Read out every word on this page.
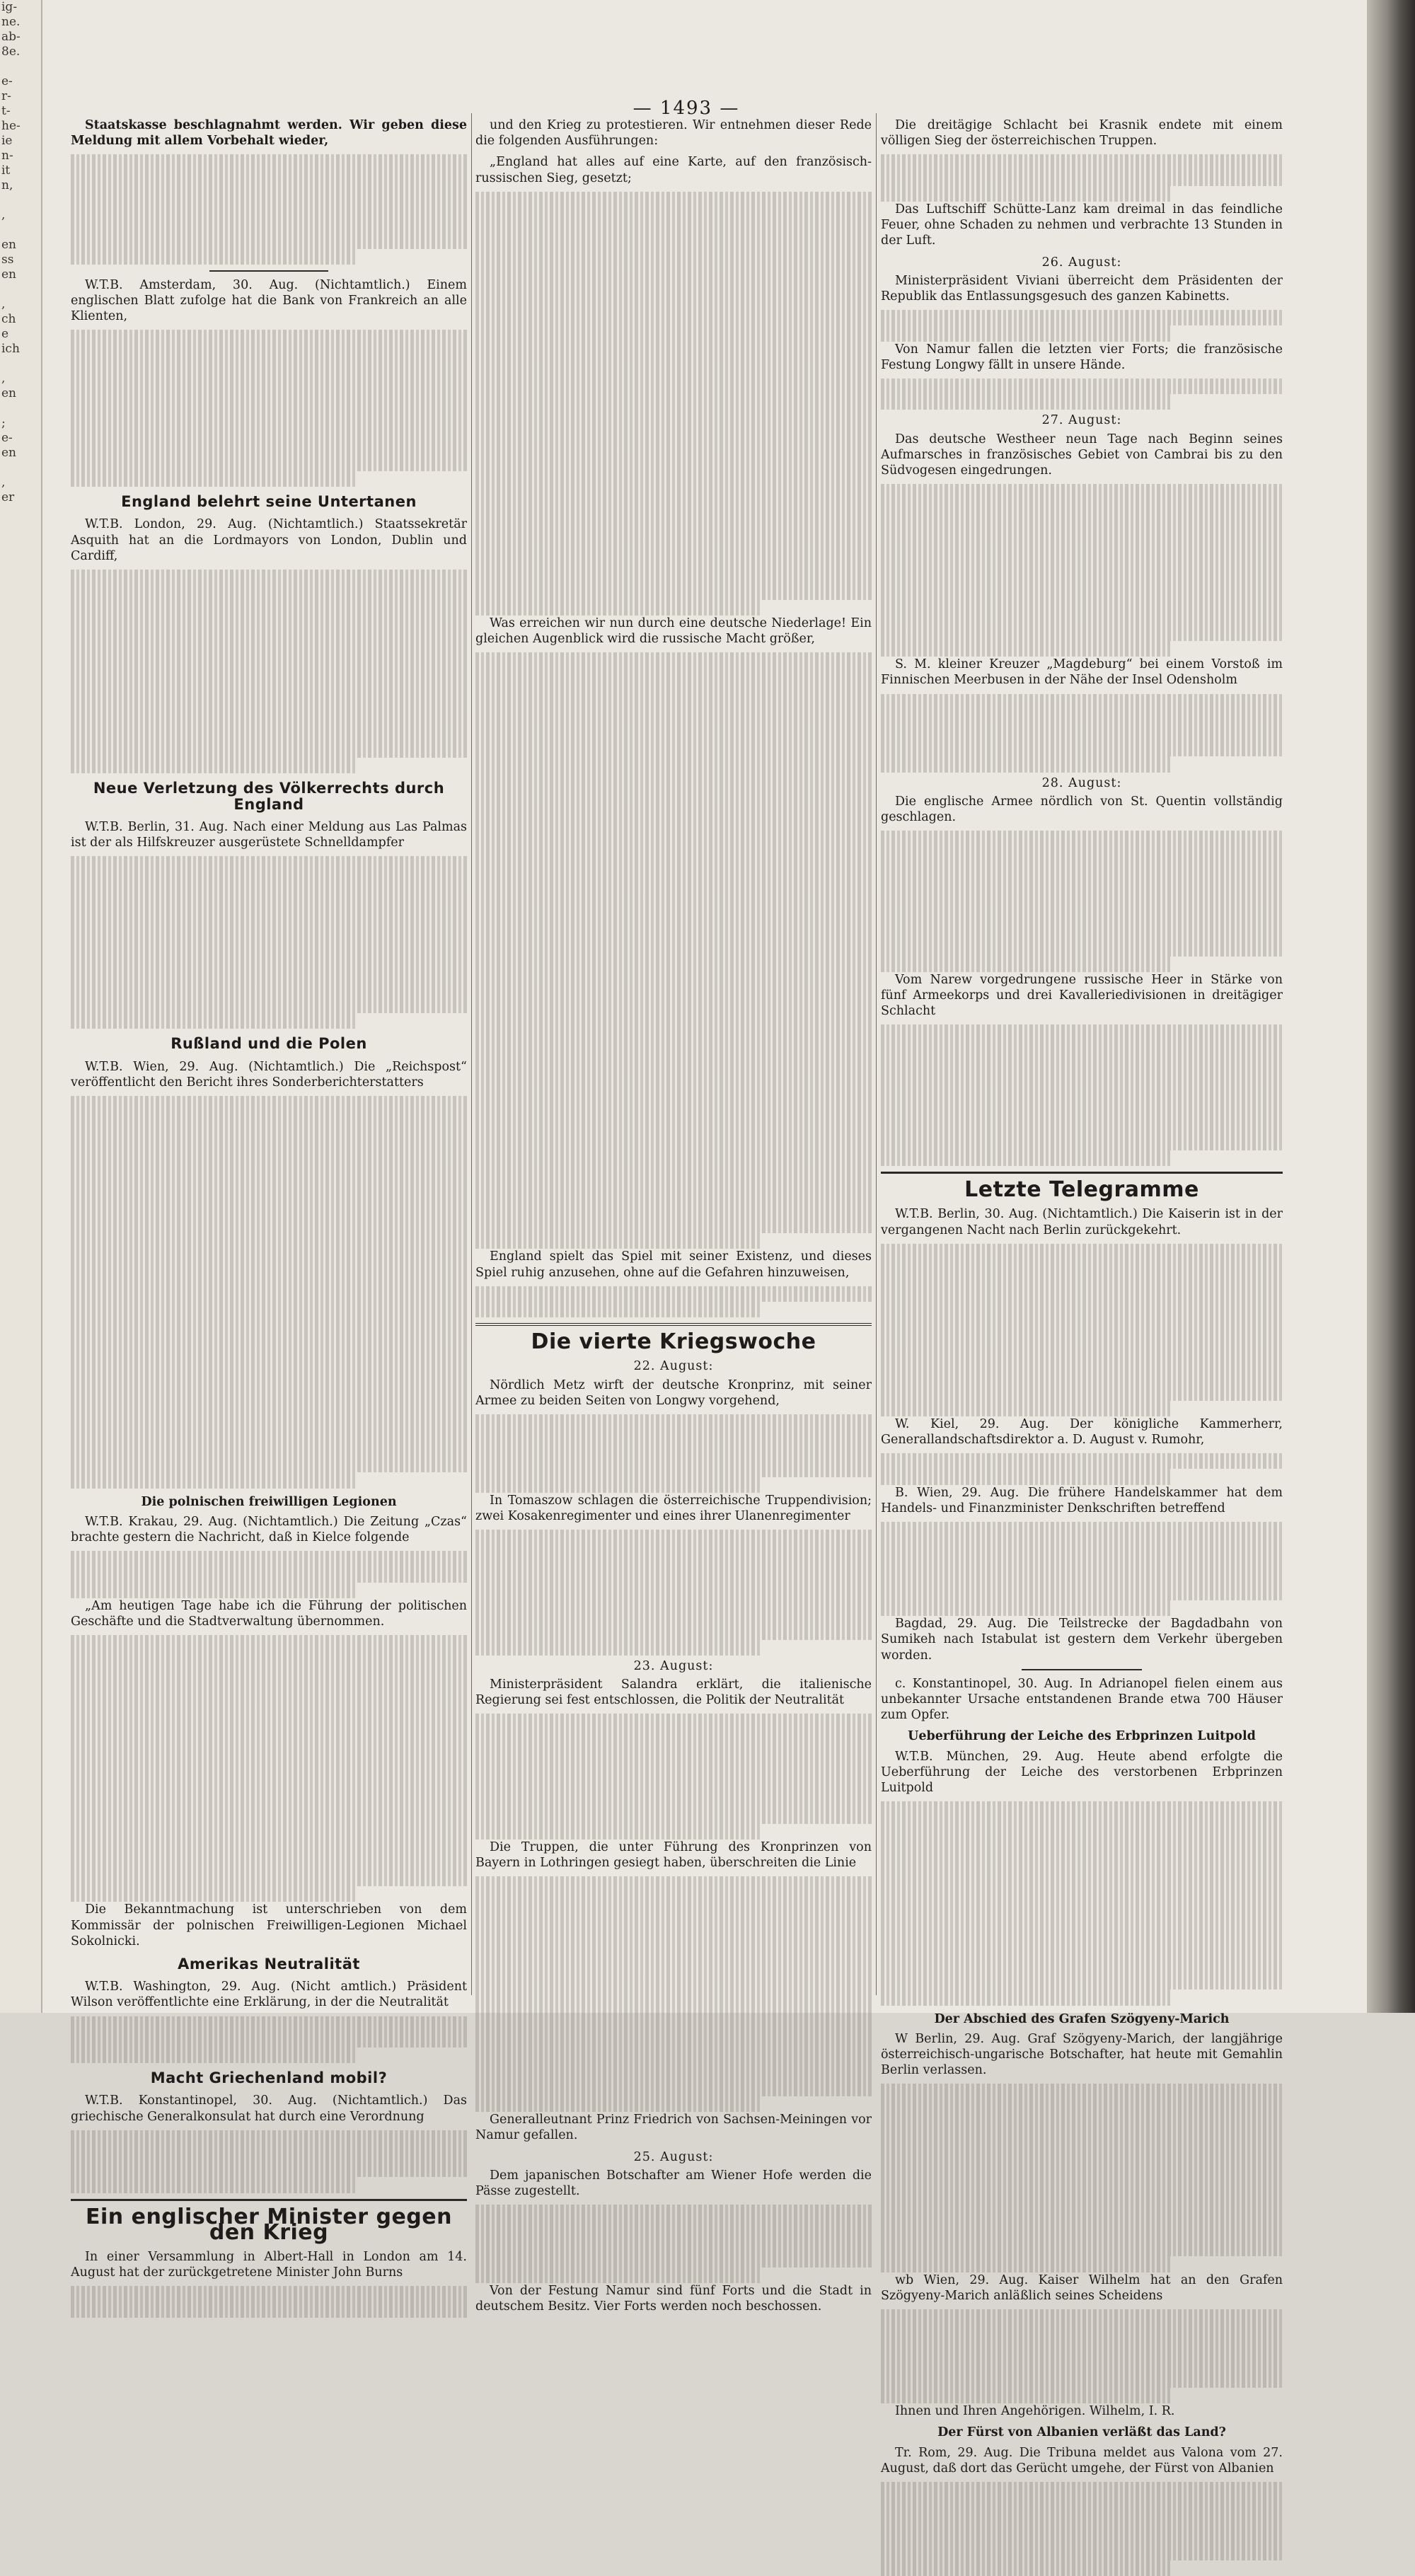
ig-
ne.
ab-
8e.

e-
r-
t-
he-
ie
n-
it
n,

,

en
ss
en

,
ch
e
ich

,
en

;
e-
en

,
er

— 1493 —

Staatskasse beschlagnahmt werden. Wir geben diese Meldung mit allem Vorbehalt wieder,

W.T.B. Amsterdam, 30. Aug. (Nichtamtlich.) Einem englischen Blatt zufolge hat die Bank von Frankreich an alle Klienten,

England belehrt seine Untertanen

W.T.B. London, 29. Aug. (Nichtamtlich.) Staatssekretär Asquith hat an die Lordmayors von London, Dublin und Cardiff,

Neue Verletzung des Völkerrechts durch England

W.T.B. Berlin, 31. Aug. Nach einer Meldung aus Las Palmas ist der als Hilfskreuzer ausgerüstete Schnelldampfer

Rußland und die Polen

W.T.B. Wien, 29. Aug. (Nichtamtlich.) Die „Reichspost“ veröffentlicht den Bericht ihres Sonderberichterstatters

Die polnischen freiwilligen Legionen

W.T.B. Krakau, 29. Aug. (Nichtamtlich.) Die Zeitung „Czas“ brachte gestern die Nachricht, daß in Kielce folgende

„Am heutigen Tage habe ich die Führung der politischen Geschäfte und die Stadtverwaltung übernommen.

Die Bekanntmachung ist unterschrieben von dem Kommissär der polnischen Freiwilligen-Legionen Michael Sokolnicki.

Amerikas Neutralität

W.T.B. Washington, 29. Aug. (Nicht amtlich.) Präsident Wilson veröffentlichte eine Erklärung, in der die Neutralität

Macht Griechenland mobil?

W.T.B. Konstantinopel, 30. Aug. (Nichtamtlich.) Das griechische Generalkonsulat hat durch eine Verordnung

Ein englischer Minister gegen den Krieg

In einer Versammlung in Albert-Hall in London am 14. August hat der zurückgetretene Minister John Burns

und den Krieg zu protestieren. Wir entnehmen dieser Rede die folgenden Ausführungen:

„England hat alles auf eine Karte, auf den französisch-russischen Sieg, gesetzt;

Was erreichen wir nun durch eine deutsche Niederlage! Ein gleichen Augenblick wird die russische Macht größer,

England spielt das Spiel mit seiner Existenz, und dieses Spiel ruhig anzusehen, ohne auf die Gefahren hinzuweisen,

Die vierte Kriegswoche
22. August:

Nördlich Metz wirft der deutsche Kronprinz, mit seiner Armee zu beiden Seiten von Longwy vorgehend,

In Tomaszow schlagen die österreichische Truppendivision; zwei Kosakenregimenter und eines ihrer Ulanenregimenter

23. August:

Ministerpräsident Salandra erklärt, die italienische Regierung sei fest entschlossen, die Politik der Neutralität

Die Truppen, die unter Führung des Kronprinzen von Bayern in Lothringen gesiegt haben, überschreiten die Linie

Generalleutnant Prinz Friedrich von Sachsen-Meiningen vor Namur gefallen.

25. August:

Dem japanischen Botschafter am Wiener Hofe werden die Pässe zugestellt.

Von der Festung Namur sind fünf Forts und die Stadt in deutschem Besitz. Vier Forts werden noch beschossen.

Die dreitägige Schlacht bei Krasnik endete mit einem völligen Sieg der österreichischen Truppen.

Das Luftschiff Schütte-Lanz kam dreimal in das feindliche Feuer, ohne Schaden zu nehmen und verbrachte 13 Stunden in der Luft.

26. August:

Ministerpräsident Viviani überreicht dem Präsidenten der Republik das Entlassungsgesuch des ganzen Kabinetts.

Von Namur fallen die letzten vier Forts; die französische Festung Longwy fällt in unsere Hände.

27. August:

Das deutsche Westheer neun Tage nach Beginn seines Aufmarsches in französisches Gebiet von Cambrai bis zu den Südvogesen eingedrungen.

S. M. kleiner Kreuzer „Magdeburg“ bei einem Vorstoß im Finnischen Meerbusen in der Nähe der Insel Odensholm

28. August:

Die englische Armee nördlich von St. Quentin vollständig geschlagen.

Vom Narew vorgedrungene russische Heer in Stärke von fünf Armeekorps und drei Kavalleriedivisionen in dreitägiger Schlacht

Letzte Telegramme

W.T.B. Berlin, 30. Aug. (Nichtamtlich.) Die Kaiserin ist in der vergangenen Nacht nach Berlin zurückgekehrt.

W. Kiel, 29. Aug. Der königliche Kammerherr, Generallandschaftsdirektor a. D. August v. Rumohr,

B. Wien, 29. Aug. Die frühere Handelskammer hat dem Handels- und Finanzminister Denkschriften betreffend

Bagdad, 29. Aug. Die Teilstrecke der Bagdadbahn von Sumikeh nach Istabulat ist gestern dem Verkehr übergeben worden.

c. Konstantinopel, 30. Aug. In Adrianopel fielen einem aus unbekannter Ursache entstandenen Brande etwa 700 Häuser zum Opfer.

Ueberführung der Leiche des Erbprinzen Luitpold

W.T.B. München, 29. Aug. Heute abend erfolgte die Ueberführung der Leiche des verstorbenen Erbprinzen Luitpold

Der Abschied des Grafen Szögyeny-Marich

W Berlin, 29. Aug. Graf Szögyeny-Marich, der langjährige österreichisch-ungarische Botschafter, hat heute mit Gemahlin Berlin verlassen.

wb Wien, 29. Aug. Kaiser Wilhelm hat an den Grafen Szögyeny-Marich anläßlich seines Scheidens

Ihnen und Ihren Angehörigen. Wilhelm, I. R.

Der Fürst von Albanien verläßt das Land?

Tr. Rom, 29. Aug. Die Tribuna meldet aus Valona vom 27. August, daß dort das Gerücht umgehe, der Fürst von Albanien
